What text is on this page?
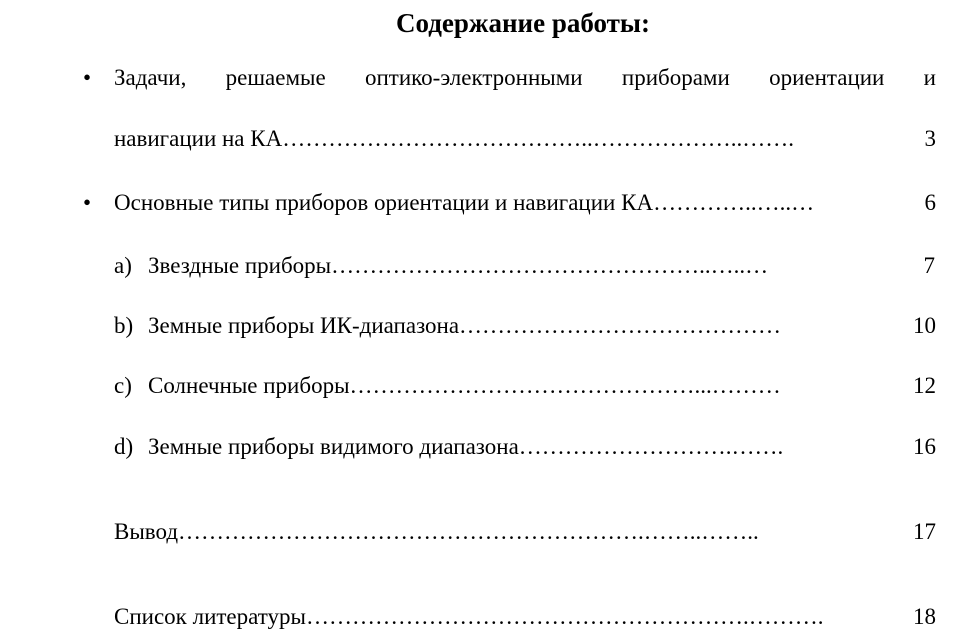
Содержание работы:
• Задачи, решаемые оптико-электронными приборами ориентации и
навигации на КА …………………………………..………………..…….	3
• Основные типы приборов ориентации и навигации КА …………..…..…	6
a) Звездные приборы …………………………………………..…..…	7
b) Земные приборы ИК-диапазона ……………………………………	10
c) Солнечные приборы ………………………………………...………	12
d) Земные приборы видимого диапазона ……………………….…….	16
Вывод …………………………………………………….……..……..	17
Список литературы ………………………………………………….……….	18
